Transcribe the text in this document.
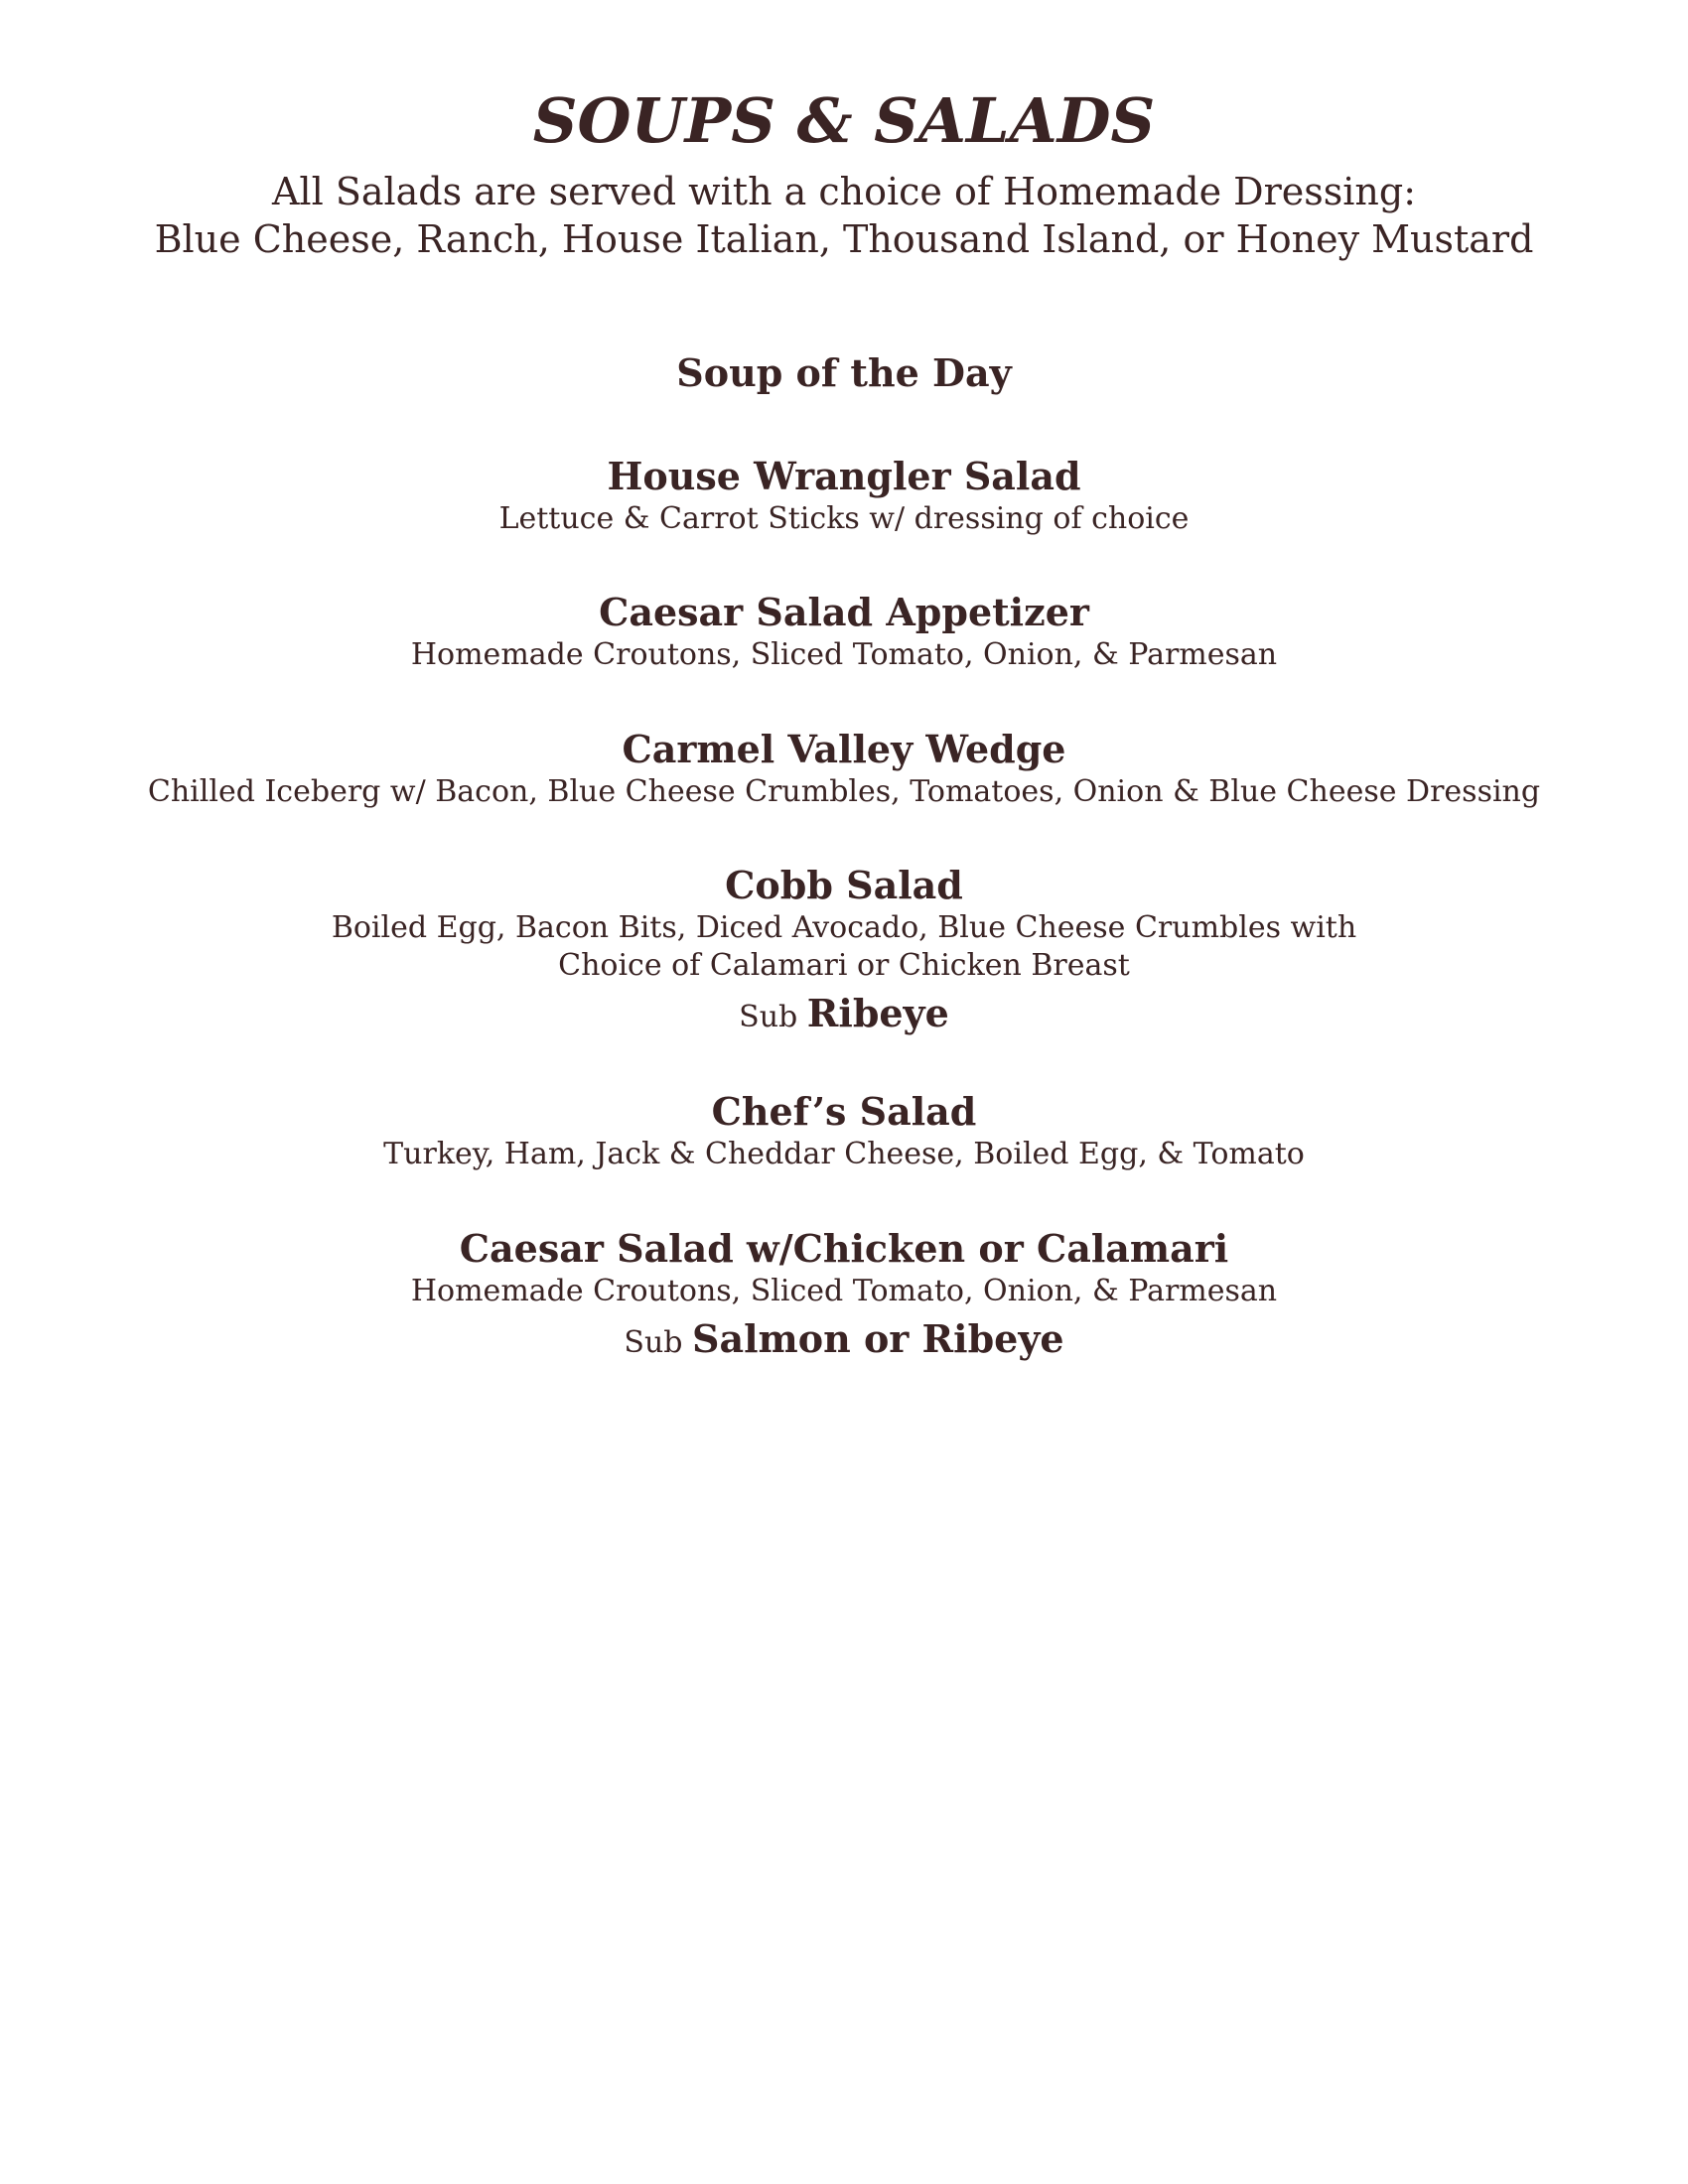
SOUPS & SALADS
All Salads are served with a choice of Homemade Dressing:
Blue Cheese, Ranch, House Italian, Thousand Island, or Honey Mustard
Soup of the Day
House Wrangler Salad
Lettuce & Carrot Sticks w/ dressing of choice
Caesar Salad Appetizer
Homemade Croutons, Sliced Tomato, Onion, & Parmesan
Carmel Valley Wedge
Chilled Iceberg w/ Bacon, Blue Cheese Crumbles, Tomatoes, Onion & Blue Cheese Dressing
Cobb Salad
Boiled Egg, Bacon Bits, Diced Avocado, Blue Cheese Crumbles with
Choice of Calamari or Chicken Breast
Sub Ribeye
Chef’s Salad
Turkey, Ham, Jack & Cheddar Cheese, Boiled Egg, & Tomato
Caesar Salad w/Chicken or Calamari
Homemade Croutons, Sliced Tomato, Onion, & Parmesan
Sub Salmon or Ribeye
